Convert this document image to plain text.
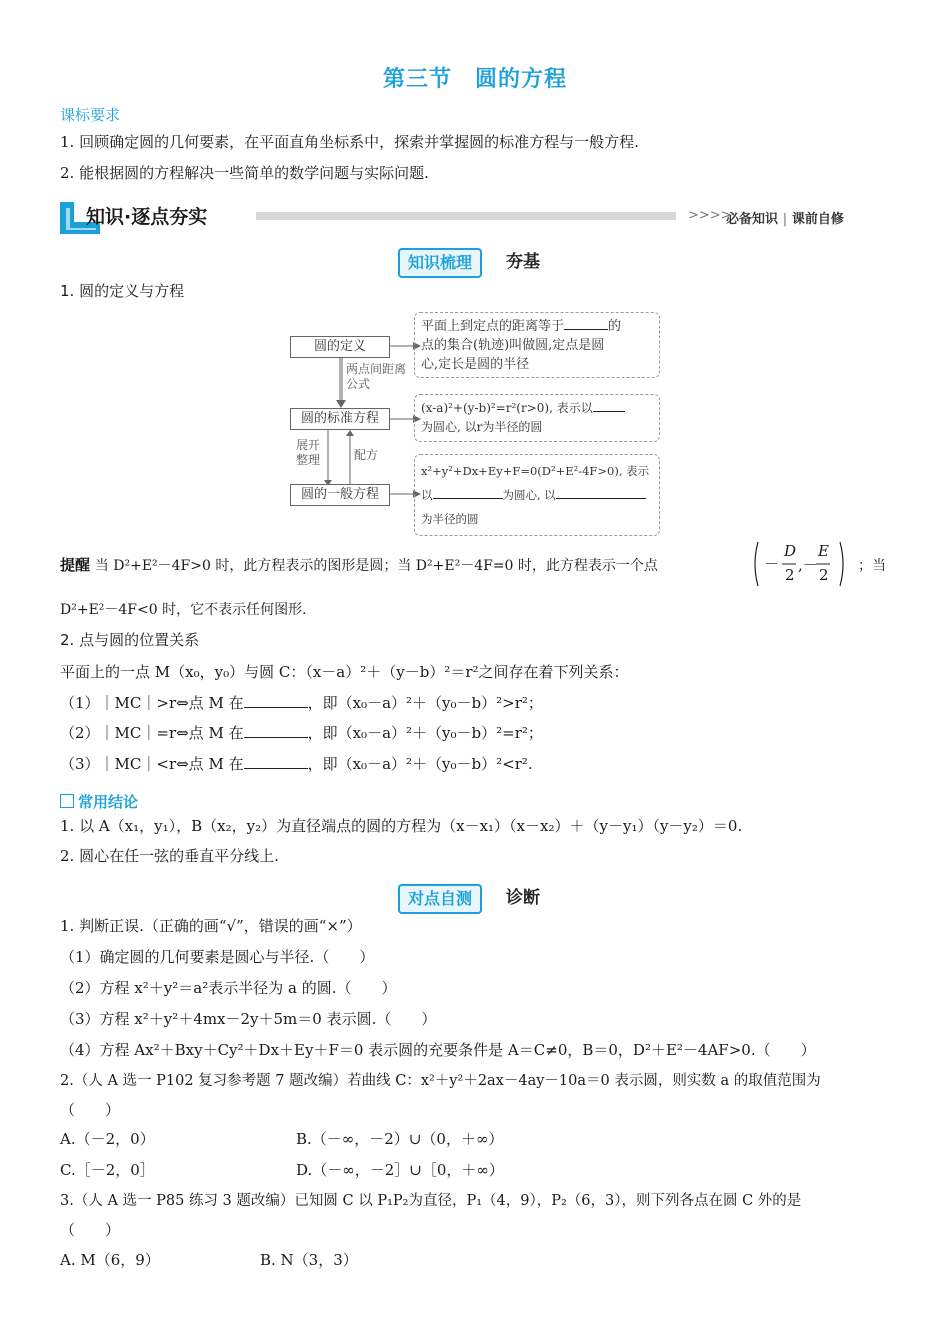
第三节　圆的方程
课标要求
1. 回顾确定圆的几何要素，在平面直角坐标系中，探索并掌握圆的标准方程与一般方程.
2. 能根据圆的方程解决一些简单的数学问题与实际问题.
知识·逐点夯实	>>>>
必备知识 | 课前自修
知识梳理	夯基
1. 圆的定义与方程
圆的定义
圆的标准方程
圆的一般方程
两点间距离公式
展开整理	配方
平面上到定点的距离等于	的
点的集合(轨迹)叫做圆,定点是圆
心,定长是圆的半径
(x-a)²+(y-b)²=r²(r>0), 表示以
为圆心, 以r为半径的圆
x²+y²+Dx+Ey+F=0(D²+E²-4F>0), 表示
以	为圆心, 以
为半径的圆
提醒 当 D²+E²－4F>0 时，此方程表示的图形是圆；当 D²+E²－4F=0 时，此方程表示一个点	－
D
2
,－
E
2 ；当
D²+E²－4F<0 时，它不表示任何图形.
2. 点与圆的位置关系
平面上的一点 M（x₀，y₀）与圆 C：（x－a）²＋（y－b）²＝r²之间存在着下列关系：
（1）｜MC｜>r⇔点 M 在	，即（x₀－a）²＋（y₀－b）²>r²；
（2）｜MC｜=r⇔点 M 在	，即（x₀－a）²＋（y₀－b）²=r²；
（3）｜MC｜<r⇔点 M 在	，即（x₀－a）²＋（y₀－b）²<r².
常用结论
1. 以 A（x₁，y₁），B（x₂，y₂）为直径端点的圆的方程为（x－x₁）（x－x₂）＋（y－y₁）（y－y₂）＝0.
2. 圆心在任一弦的垂直平分线上.
对点自测	诊断
1. 判断正误.（正确的画“√”，错误的画“×”）
（1）确定圆的几何要素是圆心与半径.（　　）
（2）方程 x²＋y²＝a²表示半径为 a 的圆.（　　）
（3）方程 x²＋y²＋4mx－2y＋5m＝0 表示圆.（　　）
（4）方程 Ax²＋Bxy＋Cy²＋Dx＋Ey＋F＝0 表示圆的充要条件是 A＝C≠0，B＝0，D²＋E²－4AF>0.（　　）
2.（人 A 选一 P102 复习参考题 7 题改编）若曲线 C：x²＋y²＋2ax－4ay－10a＝0 表示圆，则实数 a 的取值范围为
（　　）
A.（－2，0）	B.（－∞，－2）∪（0，＋∞）
C.［－2，0］	D.（－∞，－2］∪［0，＋∞）
3.（人 A 选一 P85 练习 3 题改编）已知圆 C 以 P₁P₂为直径，P₁（4，9），P₂（6，3），则下列各点在圆 C 外的是
（　　）
A. M（6，9）	B. N（3，3）
